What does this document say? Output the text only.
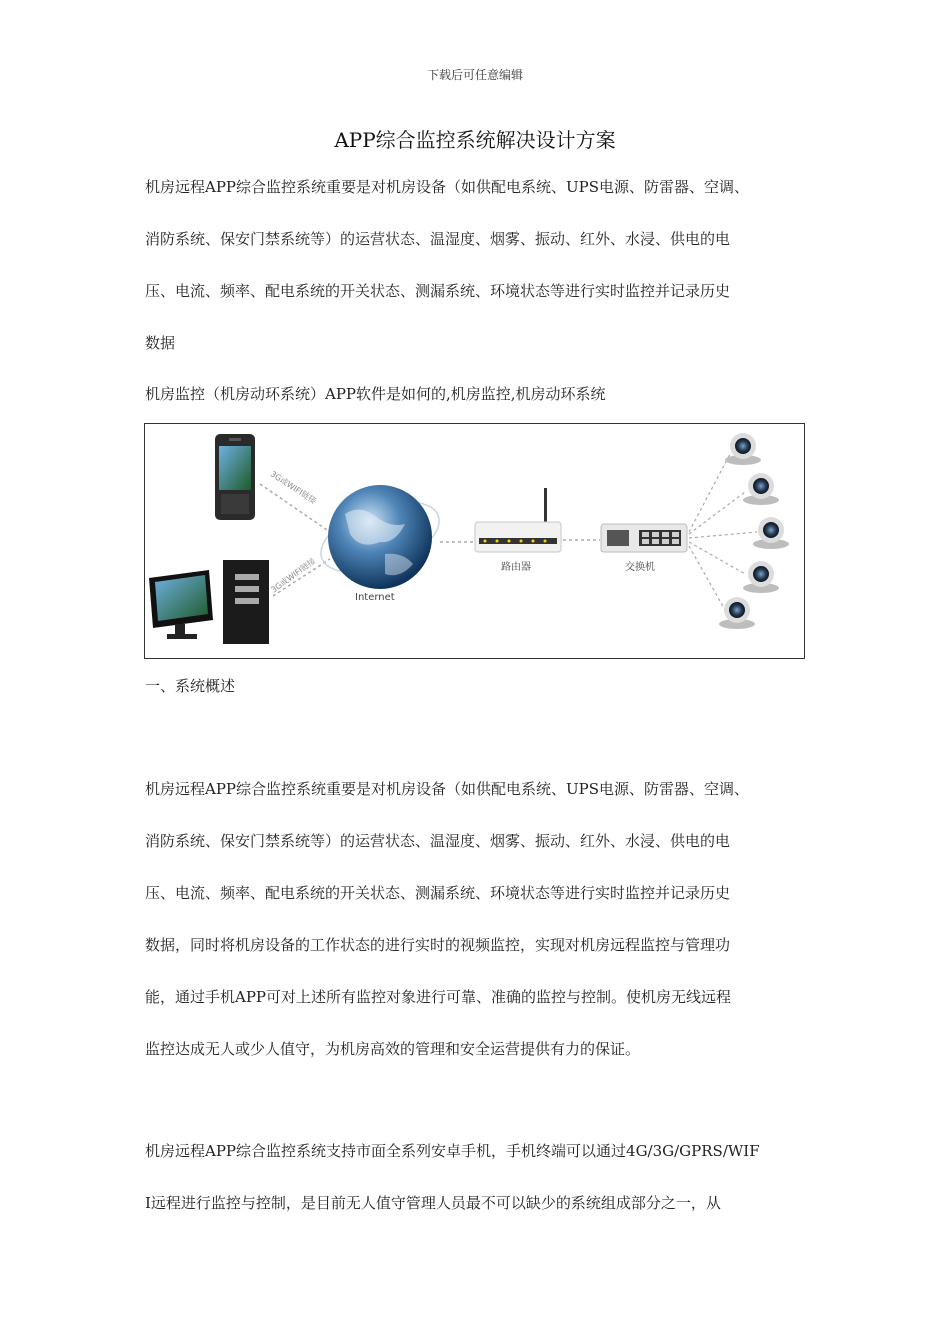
下载后可任意编辑
APP综合监控系统解决设计方案
机房远程APP综合监控系统重要是对机房设备（如供配电系统、UPS电源、防雷器、空调、
消防系统、保安门禁系统等）的运营状态、温湿度、烟雾、振动、红外、水浸、供电的电
压、电流、频率、配电系统的开关状态、测漏系统、环境状态等进行实时监控并记录历史
数据
机房监控（机房动环系统）APP软件是如何的,机房监控,机房动环系统
3G或WIFI链接
3G或WIFI链接
Internet
路由器	交换机
一、系统概述
机房远程APP综合监控系统重要是对机房设备（如供配电系统、UPS电源、防雷器、空调、
消防系统、保安门禁系统等）的运营状态、温湿度、烟雾、振动、红外、水浸、供电的电
压、电流、频率、配电系统的开关状态、测漏系统、环境状态等进行实时监控并记录历史
数据，同时将机房设备的工作状态的进行实时的视频监控，实现对机房远程监控与管理功
能，通过手机APP可对上述所有监控对象进行可靠、准确的监控与控制。使机房无线远程
监控达成无人或少人值守，为机房高效的管理和安全运营提供有力的保证。
机房远程APP综合监控系统支持市面全系列安卓手机，手机终端可以通过4G/3G/GPRS/WIF
I远程进行监控与控制，是目前无人值守管理人员最不可以缺少的系统组成部分之一，从
